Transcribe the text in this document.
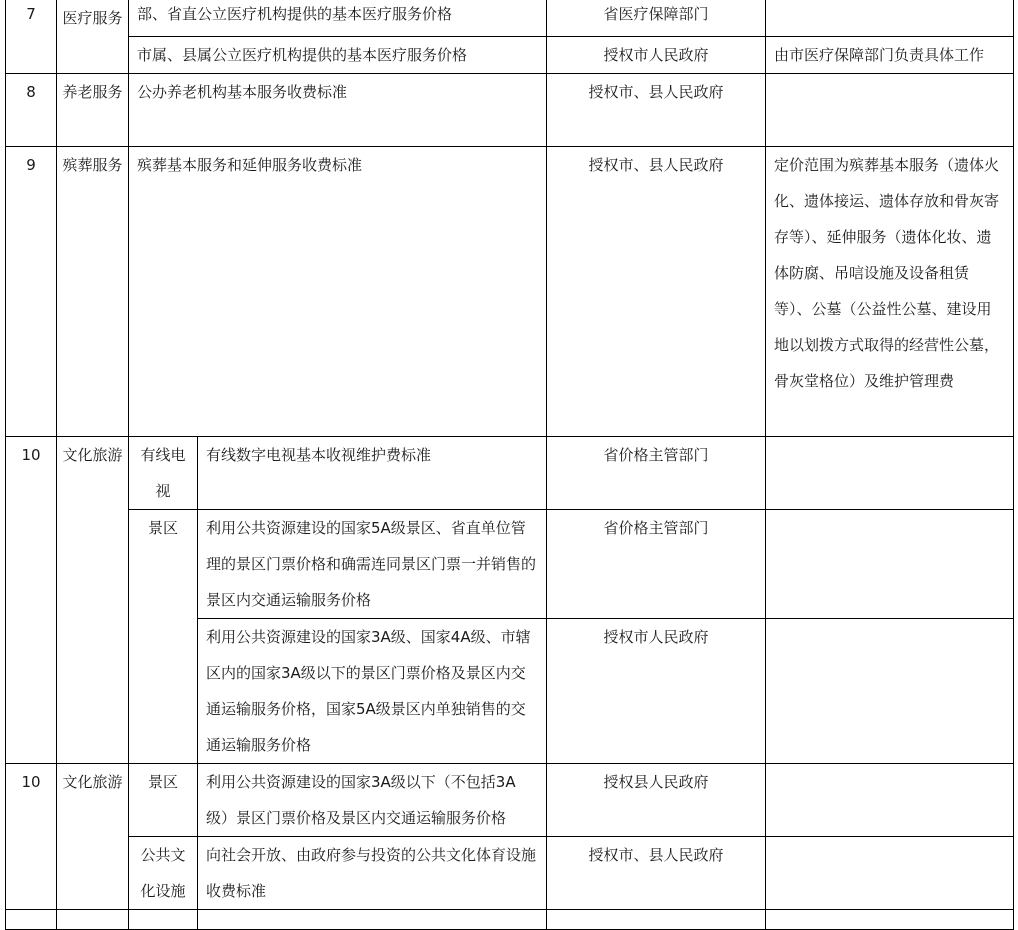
7	医疗服务	部、省直公立医疗机构提供的基本医疗服务价格		省医疗保障部门	
		市属、县属公立医疗机构提供的基本医疗服务价格		授权市人民政府	由市医疗保障部门负责具体工作
8	养老服务	公办养老机构基本服务收费标准		授权市、县人民政府	
9	殡葬服务	殡葬基本服务和延伸服务收费标准		授权市、县人民政府	定价范围为殡葬基本服务（遗体火化、遗体接运、遗体存放和骨灰寄存等）、延伸服务（遗体化妆、遗体防腐、吊唁设施及设备租赁等）、公墓（公益性公墓、建设用地以划拨方式取得的经营性公墓，骨灰堂格位）及维护管理费
10	文化旅游	有线电视	有线数字电视基本收视维护费标准	省价格主管部门	
		景区	利用公共资源建设的国家5A级景区、省直单位管理的景区门票价格和确需连同景区门票一并销售的景区内交通运输服务价格	省价格主管部门	
			利用公共资源建设的国家3A级、国家4A级、市辖区内的国家3A级以下的景区门票价格及景区内交通运输服务价格，国家5A级景区内单独销售的交通运输服务价格	授权市人民政府	
10	文化旅游	景区	利用公共资源建设的国家3A级以下（不包括3A级）景区门票价格及景区内交通运输服务价格	授权县人民政府	
		公共文化设施	向社会开放、由政府参与投资的公共文化体育设施收费标准	授权市、县人民政府	
